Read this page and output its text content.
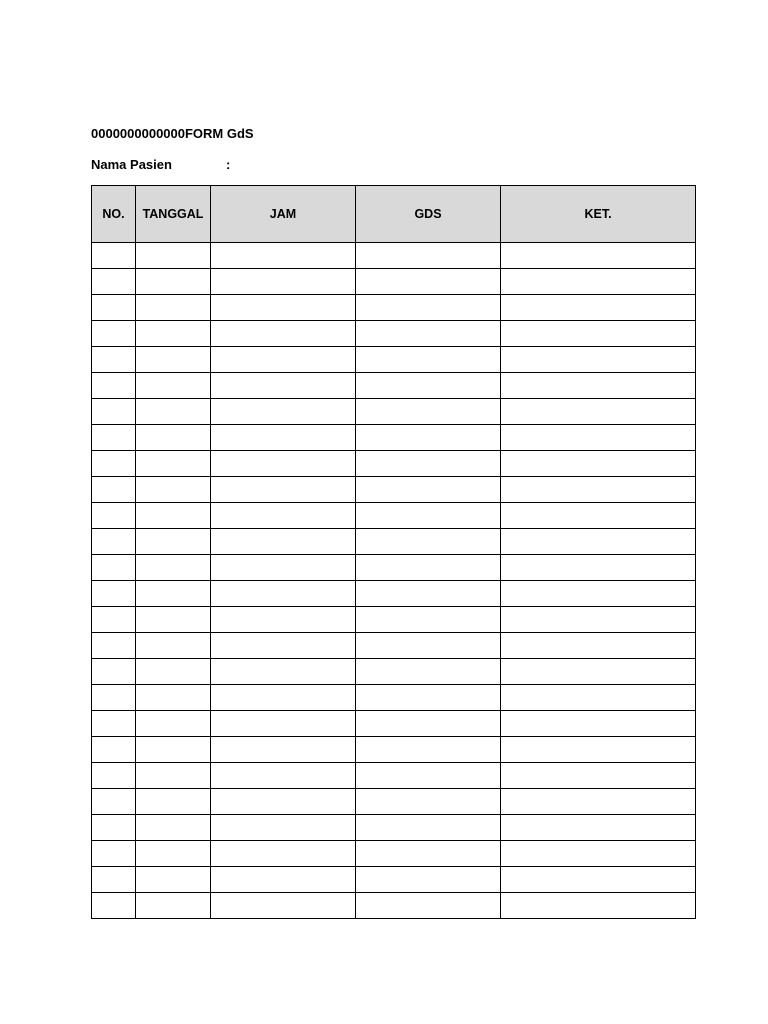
0000000000000FORM GdS
Nama Pasien	:
NO.	TANGGAL	JAM	GDS	KET.
